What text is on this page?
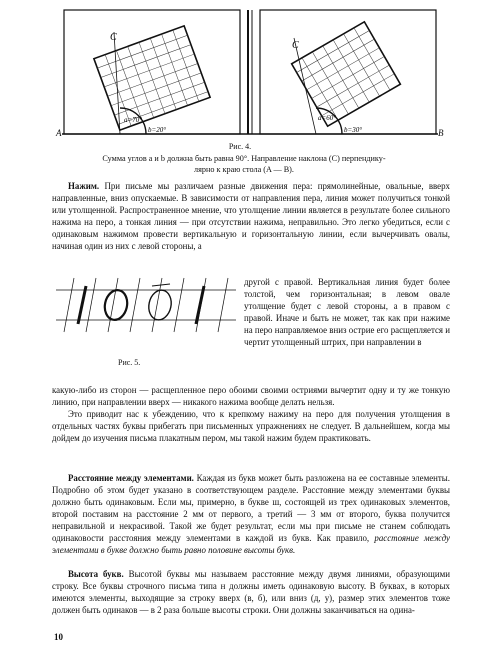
C
a=70°
b=20°
C
a=60°
b=30°
A	B
Рис. 4.
Сумма углов a и b должна быть равна 90°. Направление наклона (C) перпендику-
лярно к краю стола (A — B).

Нажим. При письме мы различаем разные движения пера: прямолинейные, овальные, вверх направленные, вниз опускаемые. В зависимости от направления пера, линия может получиться тонкой или утолщенной. Распространенное мнение, что утолщение линии является в результате более сильного нажима на перо, а тонкая линия — при отсутствии нажима, неправильно. Это легко убедиться, если с одинаковым нажимом провести вертикальную и горизонтальную линии, если вычерчивать овалы, начиная один из них с левой стороны, а

Рис. 5.

другой с правой. Вертикальная линия будет более толстой, чем горизонтальная; в левом овале утолщение будет с левой стороны, а в правом с правой. Иначе и быть не может, так как при нажиме на перо направляемое вниз острие его расщепляется и чертит утолщенный штрих, при направлении в

какую-либо из сторон — расщепленное перо обоими своими остриями вычертит одну и ту же тонкую линию, при направлении вверх — никакого нажима вообще делать нельзя.

Это приводит нас к убеждению, что к крепкому нажиму на перо для получения утолщения в отдельных частях буквы прибегать при письменных упражнениях не следует. В дальнейшем, когда мы дойдем до изучения письма плакатным пером, мы такой нажим будем практиковать.

Расстояние между элементами. Каждая из букв может быть разложена на ее составные элементы. Подробно об этом будет указано в соответствующем разделе. Расстояние между элементами буквы должно быть одинаковым. Если мы, примерно, в букве ш, состоящей из трех одинаковых элементов, второй поставим на расстояние 2 мм от первого, а третий — 3 мм от второго, буква получится неправильной и некрасивой. Такой же будет результат, если мы при письме не станем соблюдать одинаковости расстояния между элементами в каждой из букв. Как правило, расстояние между элементами в букве должно быть равно половине высоты букв.

Высота букв. Высотой буквы мы называем расстояние между двумя линиями, образующими строку. Все буквы строчного письма типа н должны иметь одинаковую высоту. В буквах, в которых имеются элементы, выходящие за строку вверх (в, б), или вниз (д, у), размер этих элементов тоже должен быть одинаков — в 2 раза больше высоты строки. Они должны заканчиваться на одина-

10
